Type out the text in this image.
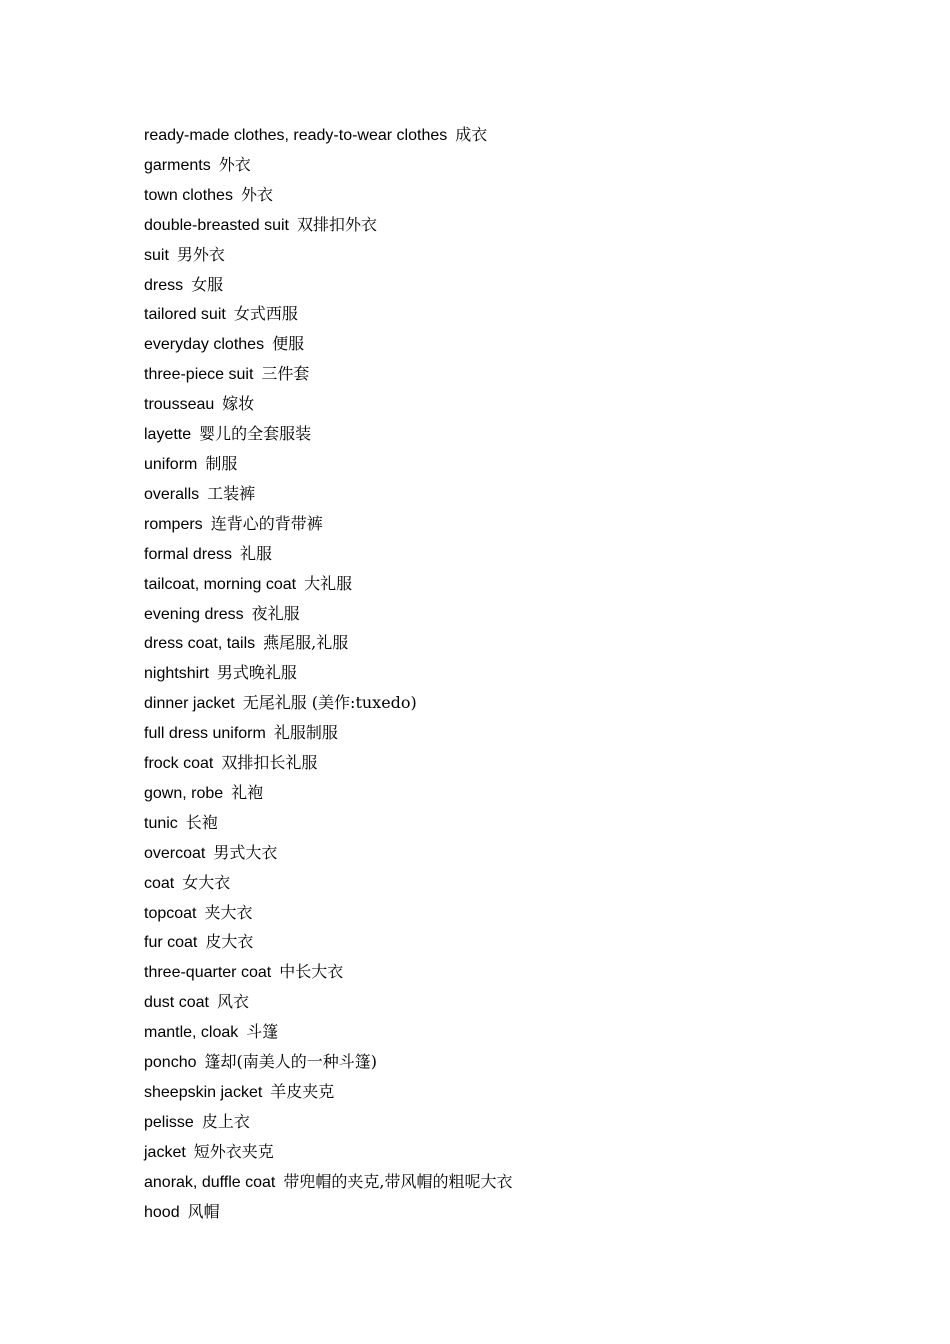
ready-made clothes, ready-to-wear clothes 成衣
garments 外衣
town clothes 外衣
double-breasted suit 双排扣外衣
suit 男外衣
dress 女服
tailored suit 女式西服
everyday clothes 便服
three-piece suit 三件套
trousseau 嫁妆
layette 婴儿的全套服装
uniform 制服
overalls 工装裤
rompers 连背心的背带裤
formal dress 礼服
tailcoat, morning coat 大礼服
evening dress 夜礼服
dress coat, tails 燕尾服,礼服
nightshirt 男式晚礼服
dinner jacket 无尾礼服 (美作:tuxedo)
full dress uniform 礼服制服
frock coat 双排扣长礼服
gown, robe 礼袍
tunic 长袍
overcoat 男式大衣
coat 女大衣
topcoat 夹大衣
fur coat 皮大衣
three-quarter coat 中长大衣
dust coat 风衣
mantle, cloak 斗篷
poncho 篷却(南美人的一种斗篷)
sheepskin jacket 羊皮夹克
pelisse 皮上衣
jacket 短外衣夹克
anorak, duffle coat 带兜帽的夹克,带风帽的粗呢大衣
hood 风帽
